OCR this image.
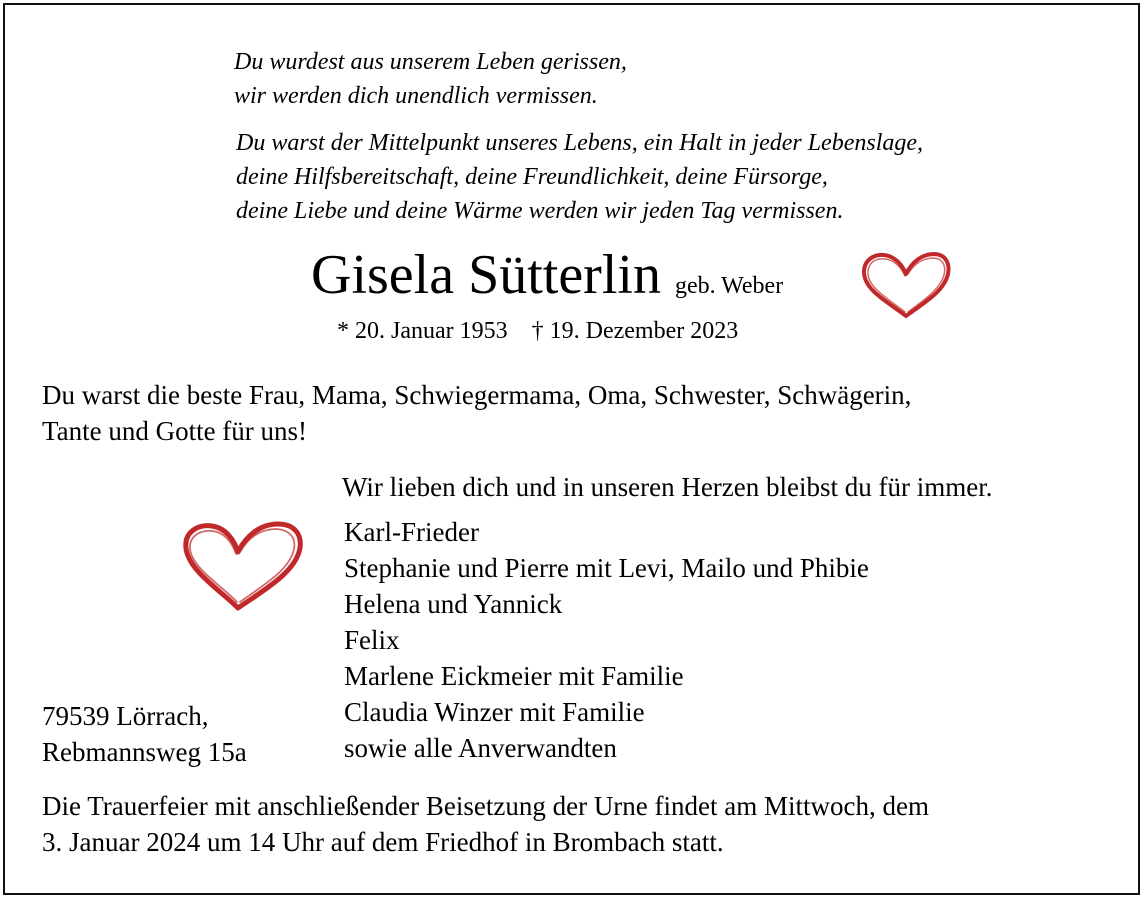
Du wurdest aus unserem Leben gerissen,
wir werden dich unendlich vermissen.
Du warst der Mittelpunkt unseres Lebens, ein Halt in jeder Lebenslage,
deine Hilfsbereitschaft, deine Freundlichkeit, deine Fürsorge,
deine Liebe und deine Wärme werden wir jeden Tag vermissen.
Gisela Sütterlin geb. Weber
* 20. Januar 1953 † 19. Dezember 2023
Du warst die beste Frau, Mama, Schwiegermama, Oma, Schwester, Schwägerin,
Tante und Gotte für uns!
Wir lieben dich und in unseren Herzen bleibst du für immer.
Karl-Frieder
Stephanie und Pierre mit Levi, Mailo und Phibie
Helena und Yannick
Felix
Marlene Eickmeier mit Familie
Claudia Winzer mit Familie
sowie alle Anverwandten
79539 Lörrach,
Rebmannsweg 15a
Die Trauerfeier mit anschließender Beisetzung der Urne findet am Mittwoch, dem
3. Januar 2024 um 14 Uhr auf dem Friedhof in Brombach statt.
